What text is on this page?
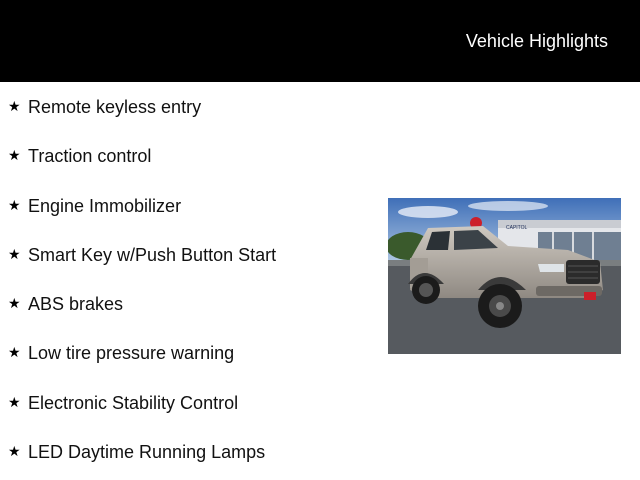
Vehicle Highlights
★ Remote keyless entry
★ Traction control
★ Engine Immobilizer
★ Smart Key w/Push Button Start
★ ABS brakes
★ Low tire pressure warning
★ Electronic Stability Control
★ LED Daytime Running Lamps
CAPITOL
